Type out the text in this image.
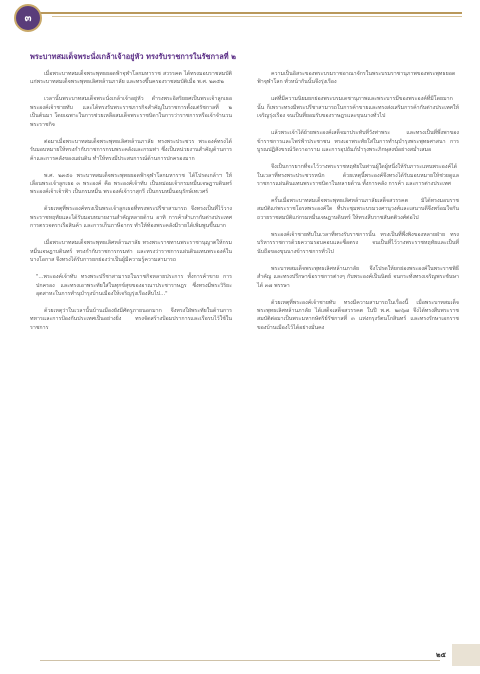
๓
พระบาทสมเด็จพระนั่งเกล้าเจ้าอยู่หัว ทรงรับราชการในรัชกาลที่ ๒

เมื่อพระบาทสมเด็จพระพุทธยอดฟ้าจุฬาโลกมหาราช สวรรคต ได้ทรงมอบราชสมบัติแก่พระบาทสมเด็จพระพุทธเลิศหล้านภาลัย และทรงขึ้นครองราชสมบัติเมื่อ พ.ศ. ๒๓๕๒

เวลานั้นพระบาทสมเด็จพระนั่งเกล้าเจ้าอยู่หัว ดำรงพระอิสริยยศเป็นพระเจ้าลูกเธอ พระองค์เจ้าชายทับ และได้ทรงรับพระราชภารกิจสำคัญในราชการตั้งแต่รัชกาลที่ ๒ เป็นต้นมา โดยเฉพาะในการช่วยเหลือสมเด็จพระราชบิดาในการว่าราชการหรือเจ้าจำนวนพระราชกิจ

ต่อมาเมื่อพระบาทสมเด็จพระพุทธเลิศหล้านภาลัย ทรงพระประชวร พระองค์ทรงได้รับมอบหมายให้ทรงกำกับราชการกรมพระคลังและกรมท่า ซึ่งเป็นหน่วยงานสำคัญด้านการค้าและการคลังของแผ่นดิน ทำให้ทรงมีประสบการณ์ด้านการปกครองมาก

พ.ศ. ๒๓๕๐ พระบาทสมเด็จพระพุทธยอดฟ้าจุฬาโลกมหาราช ได้โปรดเกล้าฯ ให้เลื่อนพระเจ้าลูกเธอ ๓ พระองค์ คือ พระองค์เจ้าทับ เป็นหม่อมเจ้ากรมหมื่นเจษฎาบดินทร์ พระองค์เจ้าเจ้าฟ้า เป็นกรมหมื่น พระองค์เจ้าวาสุกรี เป็นกรมหมื่นอนุรักษ์เทเวศร์

ด้วยเหตุที่พระองค์ทรงเป็นพระเจ้าลูกเธอที่ทรงพระปรีชาสามารถ จึงทรงเป็นที่ไว้วางพระราชหฤทัยและได้รับมอบหมายงานสำคัญหลายด้าน อาทิ การค้าสำเภากับต่างประเทศ การตรวจตราเรือสินค้า และการเก็บภาษีอากร ทำให้ท้องพระคลังมีรายได้เพิ่มพูนขึ้นมาก

เมื่อพระบาทสมเด็จพระพุทธเลิศหล้านภาลัย ทรงพระราชทานพระราชานุญาตให้กรมหมื่นเจษฎาบดินทร์ ทรงกำกับราชการกรมท่า และทรงว่าราชการแผ่นดินแทนพระองค์ในบางโอกาส จึงทรงได้รับการยกย่องว่าเป็นผู้มีความรู้ความสามารถ

"...พระองค์เจ้าทับ ทรงพระปรีชาสามารถในราชกิจหลายประการ ทั้งการค้าขาย การปกครอง และทรงเอาพระทัยใส่ในทุกข์สุขของอาณาประชาราษฎร ซึ่งทรงมีพระวิริยะอุตสาหะในการทำนุบำรุงบ้านเมืองให้เจริญรุ่งเรืองสืบไป..."

ด้วยเหตุว่าในเวลานั้นบ้านเมืองยังมีศัตรูภายนอกมาก จึงทรงใฝ่พระทัยในด้านการทหารและการป้องกันประเทศเป็นอย่างยิ่ง ทรงจัดสร้างป้อมปราการและเรือรบไว้ใช้ในราชการ

ความเป็นอิสระของพระบรมราชอาณาจักรในพระบรมราชานุภาพของพระพุทธยอดฟ้าจุฬาโลก ทั่วหน้ากันนั้นจึงรุ่งเรือง

แต่ที่มีความนิยมยกย่องพระบรมเดชานุภาพและพระบารมีของพระองค์ที่มีโดยมากนั้น ก็เพราะทรงมีพระปรีชาสามารถในการค้าขายและทรงส่งเสริมการค้ากับต่างประเทศให้เจริญรุ่งเรือง จนเป็นที่ยอมรับของราษฎรและขุนนางทั่วไป

แล้วพระเจ้าได้ย้ายพระองค์เสด็จมาประทับที่วังท่าพระ และทรงเป็นที่พึ่งพาของข้าราชการและไพร่ฟ้าประชาชน ทรงเอาพระทัยใส่ในการทำนุบำรุงพระพุทธศาสนา การบูรณปฏิสังขรณ์วัดวาอาราม และการอุปถัมภ์บำรุงพระภิกษุสงฆ์อย่างสม่ำเสมอ

จึงเป็นการยากที่จะไว้วางพระราชหฤทัยในท่านผู้ใดผู้หนึ่งให้รับภาระแทนพระองค์ได้ ในเวลาที่ทรงพระประชวรหนัก ด้วยเหตุนี้พระองค์จึงทรงได้รับมอบหมายให้ช่วยดูแลราชการแผ่นดินแทนพระราชบิดาในหลายด้าน ทั้งการคลัง การค้า และการต่างประเทศ

ครั้นเมื่อพระบาทสมเด็จพระพุทธเลิศหล้านภาลัยเสด็จสวรรคต มิได้ทรงมอบราชสมบัติแก่พระราชโอรสพระองค์ใด ที่ประชุมพระบรมวงศานุวงศ์และเสนาบดีจึงพร้อมใจกันถวายราชสมบัติแก่กรมหมื่นเจษฎาบดินทร์ ให้ทรงสืบราชสันตติวงศ์ต่อไป

พระองค์เจ้าชายทับในเวลาที่ทรงรับราชการนั้น ทรงเป็นที่พึ่งพิงของหลายฝ่าย ทรงบริหารราชการด้วยความรอบคอบและซื่อตรง จนเป็นที่ไว้วางพระราชหฤทัยและเป็นที่นับถือของขุนนางข้าราชการทั่วไป

พระบาทสมเด็จพระพุทธเลิศหล้านภาลัย จึงโปรดให้ยกย่องพระองค์ในพระราชพิธีสำคัญ และทรงปรึกษาข้อราชการต่างๆ กับพระองค์เป็นนิตย์ จนกระทั่งทรงเจริญพระชันษาได้ ๓๗ พรรษา

ด้วยเหตุที่พระองค์เจ้าชายทับ ทรงมีความสามารถในเรื่องนี้ เมื่อพระบาทสมเด็จพระพุทธเลิศหล้านภาลัย ได้เสด็จเสด็จสวรรคต ในปี พ.ศ. ๒๓๖๗ จึงได้ทรงสืบพระราชสมบัติต่อมาเป็นพระมหากษัตริย์รัชกาลที่ ๓ แห่งกรุงรัตนโกสินทร์ และทรงรักษาเอกราชของบ้านเมืองไว้ได้อย่างมั่นคง

๒๕
